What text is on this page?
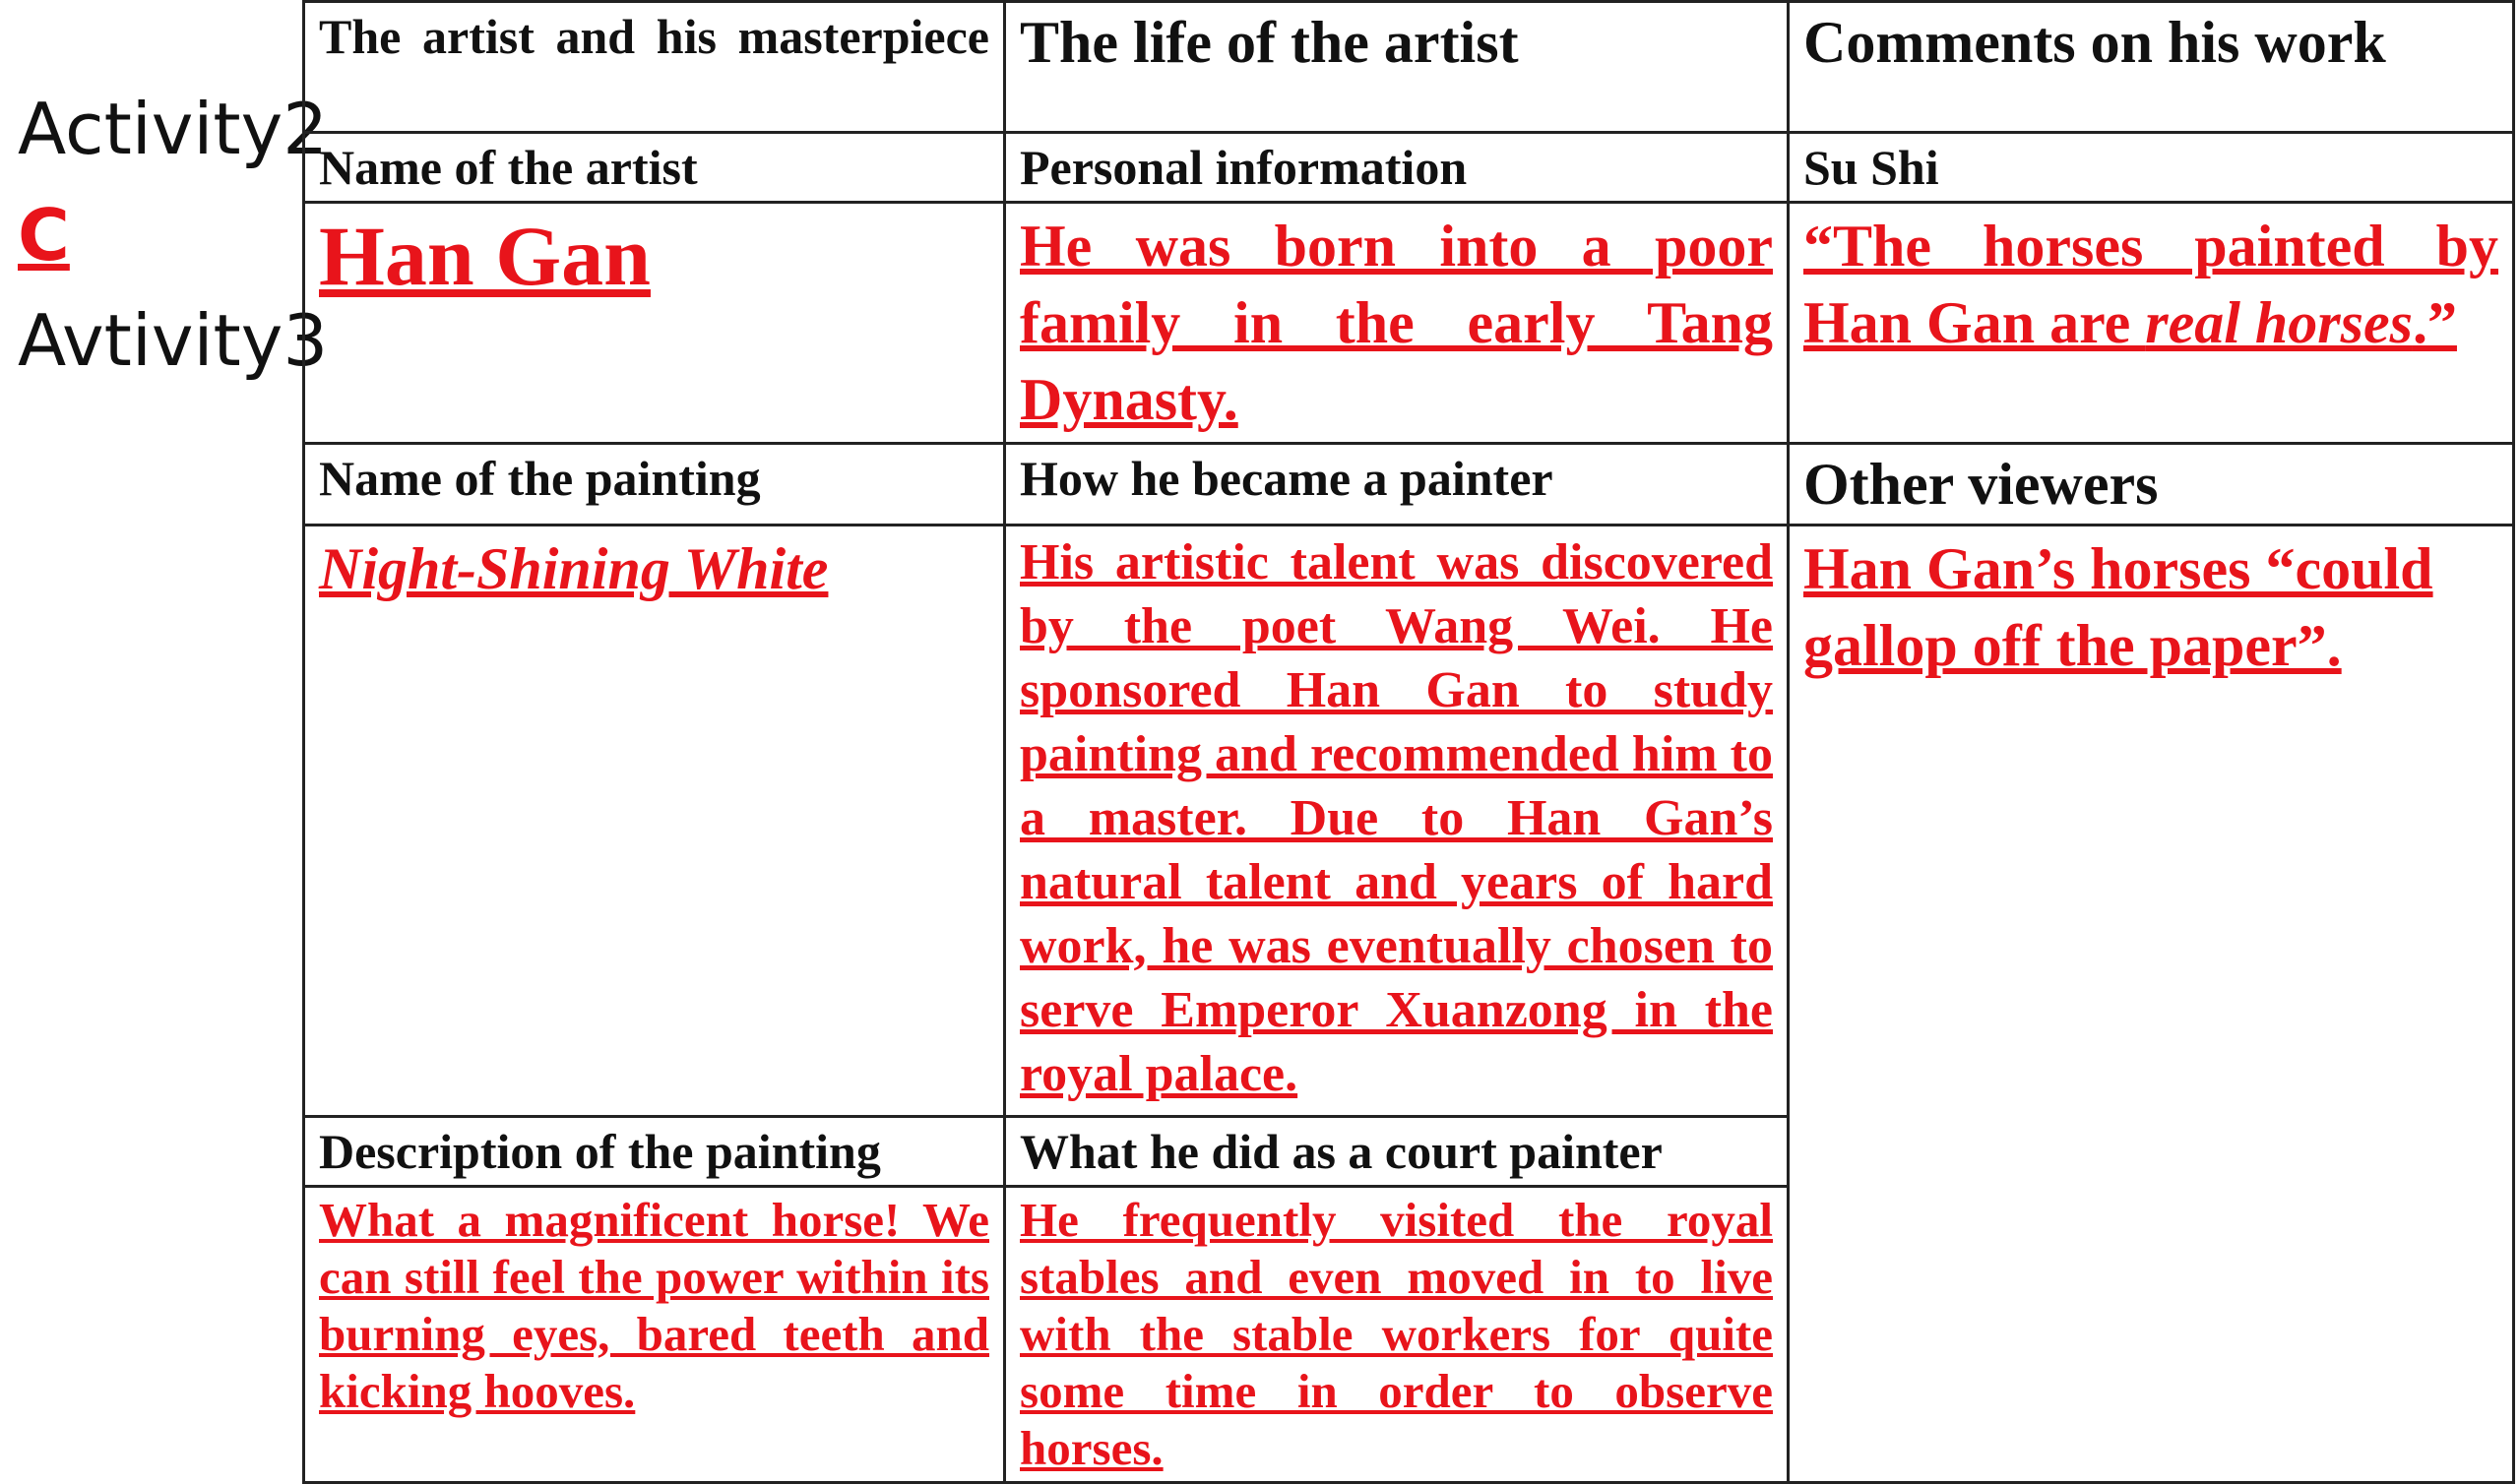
Activity2
C
Avtivity3
The artist and his masterpiece	The life of the artist	Comments on his work
Name of the artist	Personal information	Su Shi
Han Gan	He was born into a poor family in the early Tang Dynasty.	“The horses painted by Han Gan are real horses.”
Name of the painting	How he became a painter	Other viewers
Night-Shining White	His artistic talent was discovered by the poet Wang Wei. He sponsored Han Gan to study painting and recommended him to a master. Due to Han Gan’s natural talent and years of hard work, he was eventually chosen to serve Emperor Xuanzong in the royal palace.	Han Gan’s horses “could gallop off the paper”.
Description of the painting	What he did as a court painter	
What a magnificent horse! We can still feel the power within its burning eyes, bared teeth and kicking hooves.	He frequently visited the royal stables and even moved in to live with the stable workers for quite some time in order to observe horses.	
